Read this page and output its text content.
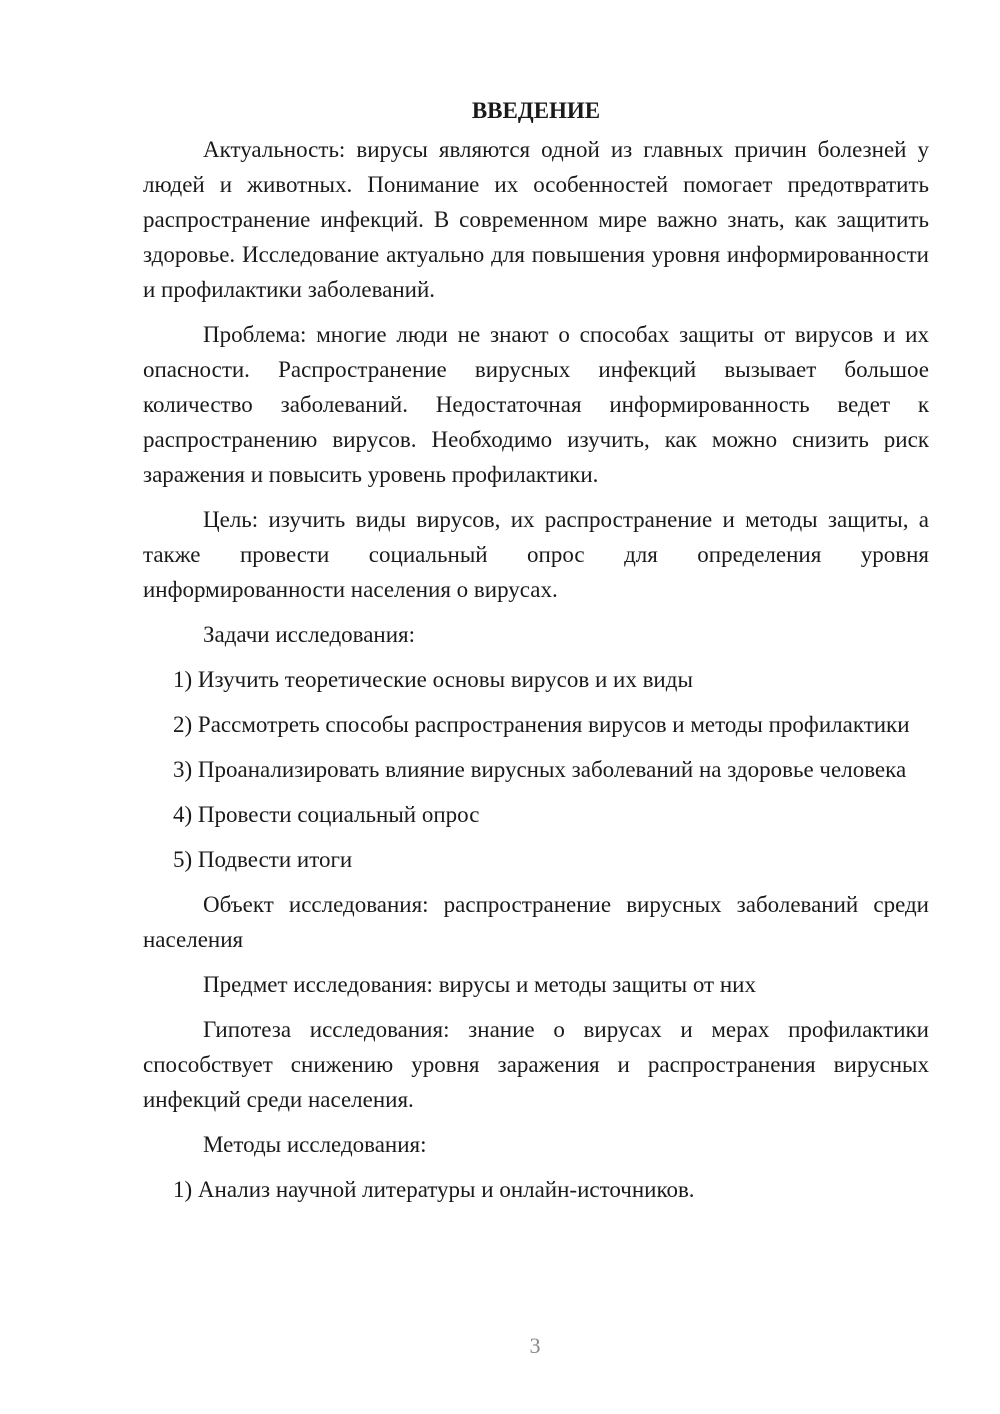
ВВЕДЕНИЕ

Актуальность: вирусы являются одной из главных причин болезней у людей и животных. Понимание их особенностей помогает предотвратить распространение инфекций. В современном мире важно знать, как защитить здоровье. Исследование актуально для повышения уровня информированности и профилактики заболеваний.

Проблема: многие люди не знают о способах защиты от вирусов и их опасности. Распространение вирусных инфекций вызывает большое количество заболеваний. Недостаточная информированность ведет к распространению вирусов. Необходимо изучить, как можно снизить риск заражения и повысить уровень профилактики.

Цель: изучить виды вирусов, их распространение и методы защиты, а также провести социальный опрос для определения уровня информированности населения о вирусах.

Задачи исследования:

1) Изучить теоретические основы вирусов и их виды

2) Рассмотреть способы распространения вирусов и методы профилактики

3) Проанализировать влияние вирусных заболеваний на здоровье человека

4) Провести социальный опрос

5) Подвести итоги

Объект исследования: распространение вирусных заболеваний среди населения

Предмет исследования: вирусы и методы защиты от них

Гипотеза исследования: знание о вирусах и мерах профилактики способствует снижению уровня заражения и распространения вирусных инфекций среди населения.

Методы исследования:

1) Анализ научной литературы и онлайн-источников.

3
